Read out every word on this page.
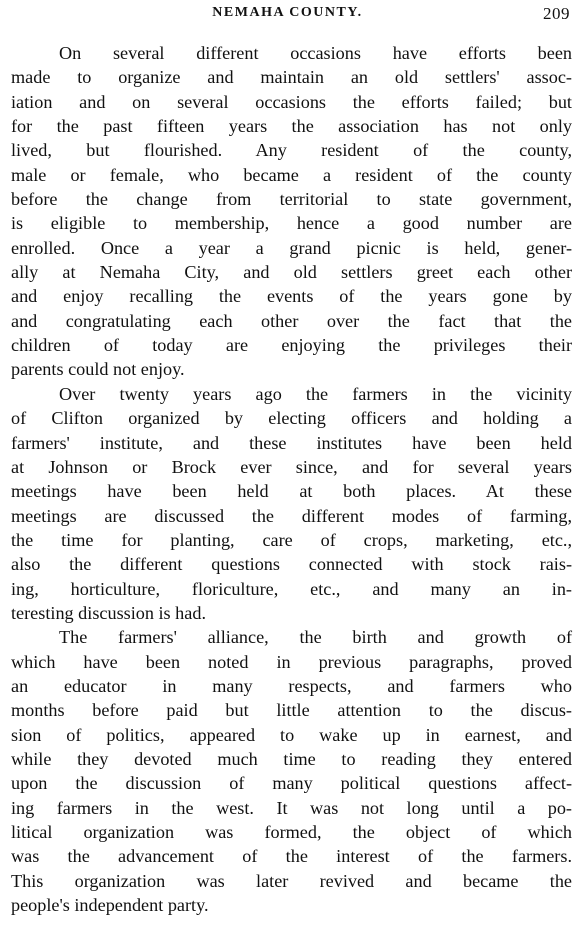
NEMAHA COUNTY.	209
On several different occasions have efforts been
made to organize and maintain an old settlers' assoc-
iation and on several occasions the efforts failed; but
for the past fifteen years the association has not only
lived, but flourished. Any resident of the county,
male or female, who became a resident of the county
before the change from territorial to state government,
is eligible to membership, hence a good number are
enrolled. Once a year a grand picnic is held, gener-
ally at Nemaha City, and old settlers greet each other
and enjoy recalling the events of the years gone by
and congratulating each other over the fact that the
children of today are enjoying the privileges their
parents could not enjoy.
Over twenty years ago the farmers in the vicinity
of Clifton organized by electing officers and holding a
farmers' institute, and these institutes have been held
at Johnson or Brock ever since, and for several years
meetings have been held at both places. At these
meetings are discussed the different modes of farming,
the time for planting, care of crops, marketing, etc.,
also the different questions connected with stock rais-
ing, horticulture, floriculture, etc., and many an in-
teresting discussion is had.
The farmers' alliance, the birth and growth of
which have been noted in previous paragraphs, proved
an educator in many respects, and farmers who
months before paid but little attention to the discus-
sion of politics, appeared to wake up in earnest, and
while they devoted much time to reading they entered
upon the discussion of many political questions affect-
ing farmers in the west. It was not long until a po-
litical organization was formed, the object of which
was the advancement of the interest of the farmers.
This organization was later revived and became the
people's independent party.
